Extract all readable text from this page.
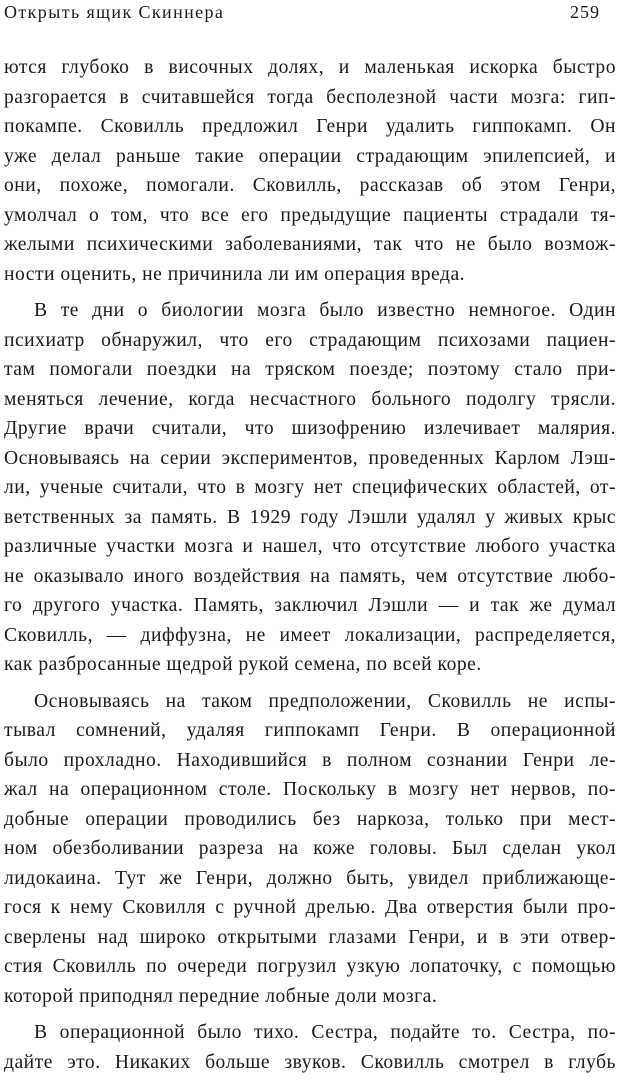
Открыть ящик Скиннера	259
ются глубоко в височных долях, и маленькая искорка быстро
разгорается в считавшейся тогда бесполезной части мозга: гип-
покампе. Сковилль предложил Генри удалить гиппокамп. Он
уже делал раньше такие операции страдающим эпилепсией, и
они, похоже, помогали. Сковилль, рассказав об этом Генри,
умолчал о том, что все его предыдущие пациенты страдали тя-
желыми психическими заболеваниями, так что не было возмож-
ности оценить, не причинила ли им операция вреда.
В те дни о биологии мозга было известно немногое. Один
психиатр обнаружил, что его страдающим психозами пациен-
там помогали поездки на тряском поезде; поэтому стало при-
меняться лечение, когда несчастного больного подолгу трясли.
Другие врачи считали, что шизофрению излечивает малярия.
Основываясь на серии экспериментов, проведенных Карлом Лэш-
ли, ученые считали, что в мозгу нет специфических областей, от-
ветственных за память. В 1929 году Лэшли удалял у живых крыс
различные участки мозга и нашел, что отсутствие любого участка
не оказывало иного воздействия на память, чем отсутствие любо-
го другого участка. Память, заключил Лэшли — и так же думал
Сковилль, — диффузна, не имеет локализации, распределяется,
как разбросанные щедрой рукой семена, по всей коре.
Основываясь на таком предположении, Сковилль не испы-
тывал сомнений, удаляя гиппокамп Генри. В операционной
было прохладно. Находившийся в полном сознании Генри ле-
жал на операционном столе. Поскольку в мозгу нет нервов, по-
добные операции проводились без наркоза, только при мест-
ном обезболивании разреза на коже головы. Был сделан укол
лидокаина. Тут же Генри, должно быть, увидел приближающе-
гося к нему Сковилля с ручной дрелью. Два отверстия были про-
сверлены над широко открытыми глазами Генри, и в эти отвер-
стия Сковилль по очереди погрузил узкую лопаточку, с помощью
которой приподнял передние лобные доли мозга.
В операционной было тихо. Сестра, подайте то. Сестра, по-
дайте это. Никаких больше звуков. Сковилль смотрел в глубь
